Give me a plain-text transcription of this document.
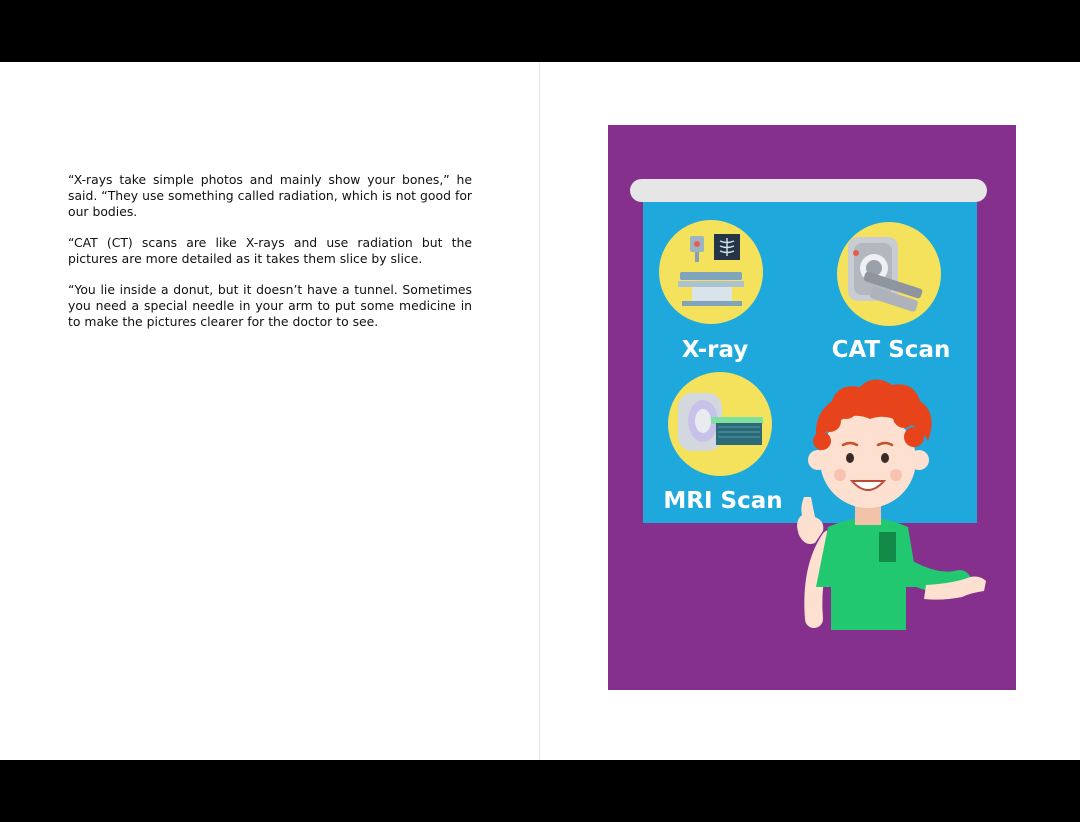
“X-rays take simple photos and mainly show your bones,” he said. “They use something called radiation, which is not good for our bodies.

“CAT (CT) scans are like X-rays and use radiation but the pictures are more detailed as it takes them slice by slice.

“You lie inside a donut, but it doesn’t have a tunnel. Sometimes you need a special needle in your arm to put some medicine in to make the pictures clearer for the doctor to see.

X-ray	CAT Scan
MRI Scan
